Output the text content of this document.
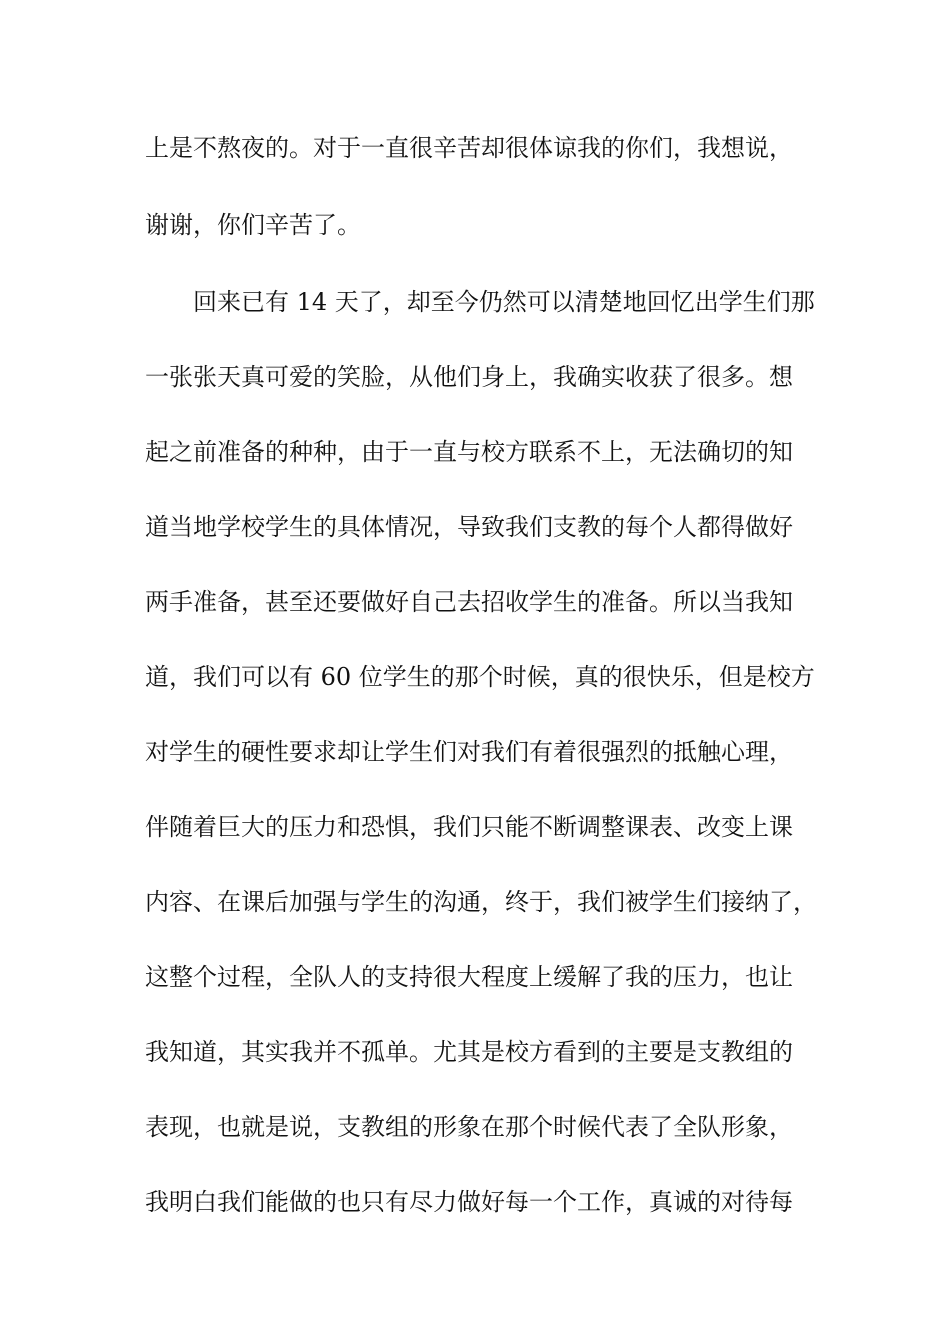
上是不熬夜的。对于一直很辛苦却很体谅我的你们，我想说，
谢谢，你们辛苦了。
回来已有 14 天了，却至今仍然可以清楚地回忆出学生们那
一张张天真可爱的笑脸，从他们身上，我确实收获了很多。想
起之前准备的种种，由于一直与校方联系不上，无法确切的知
道当地学校学生的具体情况，导致我们支教的每个人都得做好
两手准备，甚至还要做好自己去招收学生的准备。所以当我知
道，我们可以有 60 位学生的那个时候，真的很快乐，但是校方
对学生的硬性要求却让学生们对我们有着很强烈的抵触心理，
伴随着巨大的压力和恐惧，我们只能不断调整课表、改变上课
内容、在课后加强与学生的沟通，终于，我们被学生们接纳了，
这整个过程，全队人的支持很大程度上缓解了我的压力，也让
我知道，其实我并不孤单。尤其是校方看到的主要是支教组的
表现，也就是说，支教组的形象在那个时候代表了全队形象，
我明白我们能做的也只有尽力做好每一个工作，真诚的对待每
